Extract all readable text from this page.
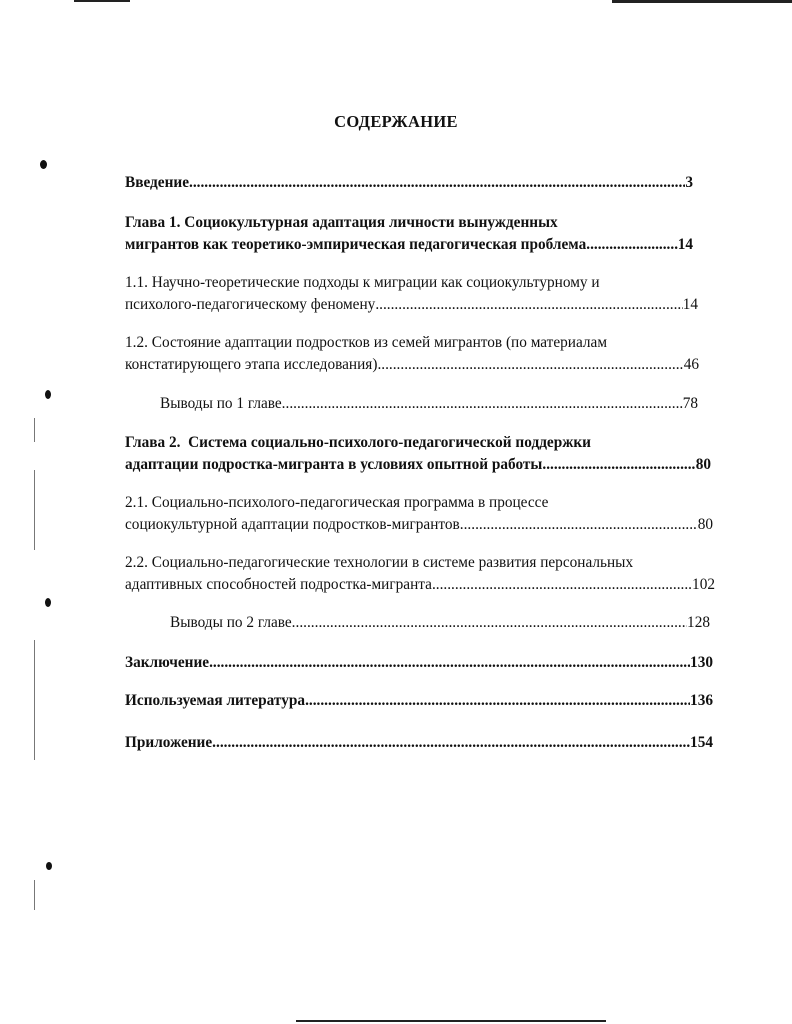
СОДЕРЖАНИЕ
Введение .....	3
Глава 1. Социокультурная адаптация личности вынужденных
мигрантов как теоретико-эмпирическая педагогическая проблема .....	14
1.1. Научно-теоретические подходы к миграции как социокультурному и
психолого-педагогическому феномену .....	14
1.2. Состояние адаптации подростков из семей мигрантов (по материалам
констатирующего этапа исследования) .....	46
Выводы по 1 главе .....	78
Глава 2.  Система социально-психолого-педагогической поддержки
адаптации подростка-мигранта в условиях опытной работы .....	80
2.1. Социально-психолого-педагогическая программа в процессе
социокультурной адаптации подростков-мигрантов .....	80
2.2. Социально-педагогические технологии в системе развития персональных
адаптивных способностей подростка-мигранта .....	102
Выводы по 2 главе .....	128
Заключение .....	130
Используемая литература .....	136
Приложение .....	154
